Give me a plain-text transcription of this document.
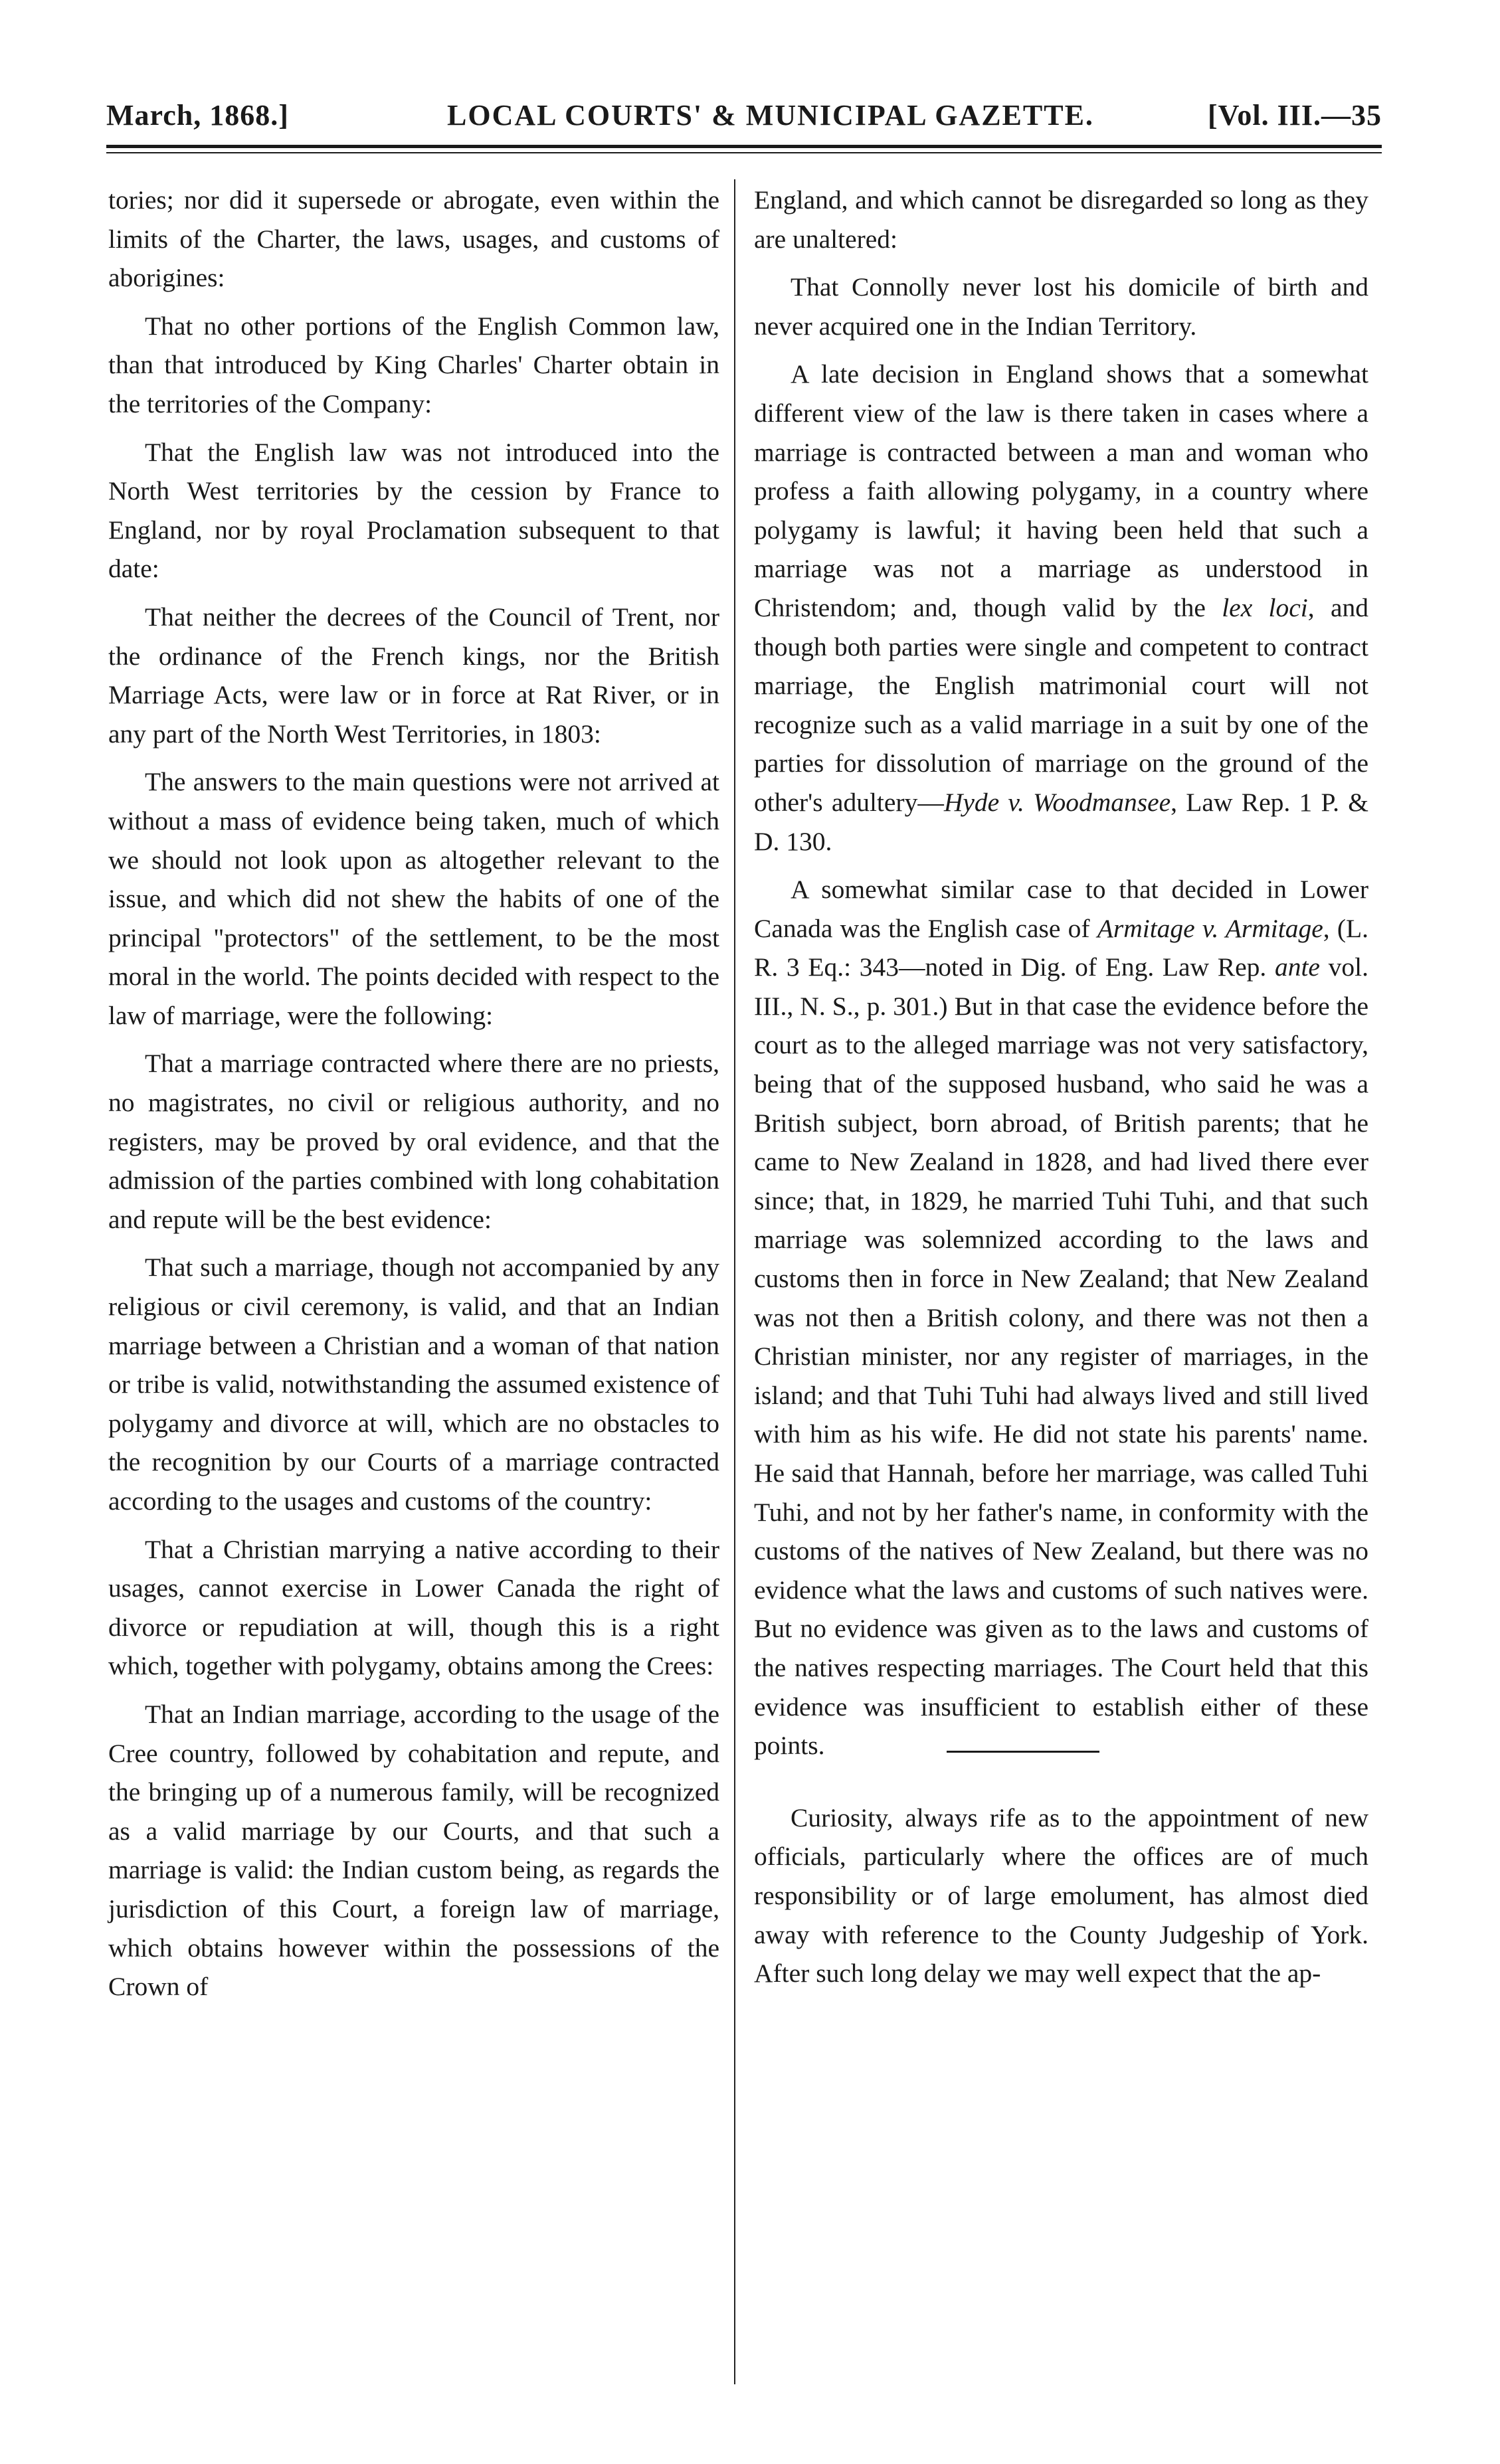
March, 1868.]	LOCAL COURTS' & MUNICIPAL GAZETTE.	[Vol. III.—35

tories; nor did it supersede or abrogate, even within the limits of the Charter, the laws, usages, and customs of aborigines:

That no other portions of the English Common law, than that introduced by King Charles' Charter obtain in the territories of the Company:

That the English law was not introduced into the North West territories by the cession by France to England, nor by royal Proclamation subsequent to that date:

That neither the decrees of the Council of Trent, nor the ordinance of the French kings, nor the British Marriage Acts, were law or in force at Rat River, or in any part of the North West Territories, in 1803:

The answers to the main questions were not arrived at without a mass of evidence being taken, much of which we should not look upon as altogether relevant to the issue, and which did not shew the habits of one of the principal "protectors" of the settlement, to be the most moral in the world. The points decided with respect to the law of marriage, were the following:

That a marriage contracted where there are no priests, no magistrates, no civil or religious authority, and no registers, may be proved by oral evidence, and that the admission of the parties combined with long cohabitation and repute will be the best evidence:

That such a marriage, though not accompanied by any religious or civil ceremony, is valid, and that an Indian marriage between a Christian and a woman of that nation or tribe is valid, notwithstanding the assumed existence of polygamy and divorce at will, which are no obstacles to the recognition by our Courts of a marriage contracted according to the usages and customs of the country:

That a Christian marrying a native according to their usages, cannot exercise in Lower Canada the right of divorce or repudiation at will, though this is a right which, together with polygamy, obtains among the Crees:

That an Indian marriage, according to the usage of the Cree country, followed by cohabitation and repute, and the bringing up of a numerous family, will be recognized as a valid marriage by our Courts, and that such a marriage is valid: the Indian custom being, as regards the jurisdiction of this Court, a foreign law of marriage, which obtains however within the possessions of the Crown of

England, and which cannot be disregarded so long as they are unaltered:

That Connolly never lost his domicile of birth and never acquired one in the Indian Territory.

A late decision in England shows that a somewhat different view of the law is there taken in cases where a marriage is contracted between a man and woman who profess a faith allowing polygamy, in a country where polygamy is lawful; it having been held that such a marriage was not a marriage as understood in Christendom; and, though valid by the lex loci, and though both parties were single and competent to contract marriage, the English matrimonial court will not recognize such as a valid marriage in a suit by one of the parties for dissolution of marriage on the ground of the other's adultery—Hyde v. Woodmansee, Law Rep. 1 P. & D. 130.

A somewhat similar case to that decided in Lower Canada was the English case of Armitage v. Armitage, (L. R. 3 Eq.: 343—noted in Dig. of Eng. Law Rep. ante vol. III., N. S., p. 301.) But in that case the evidence before the court as to the alleged marriage was not very satisfactory, being that of the supposed husband, who said he was a British subject, born abroad, of British parents; that he came to New Zealand in 1828, and had lived there ever since; that, in 1829, he married Tuhi Tuhi, and that such marriage was solemnized according to the laws and customs then in force in New Zealand; that New Zealand was not then a British colony, and there was not then a Christian minister, nor any register of marriages, in the island; and that Tuhi Tuhi had always lived and still lived with him as his wife. He did not state his parents' name. He said that Hannah, before her marriage, was called Tuhi Tuhi, and not by her father's name, in conformity with the customs of the natives of New Zealand, but there was no evidence what the laws and customs of such natives were. But no evidence was given as to the laws and customs of the natives respecting marriages. The Court held that this evidence was insufficient to establish either of these points.

Curiosity, always rife as to the appointment of new officials, particularly where the offices are of much responsibility or of large emolument, has almost died away with reference to the County Judgeship of York. After such long delay we may well expect that the ap-
